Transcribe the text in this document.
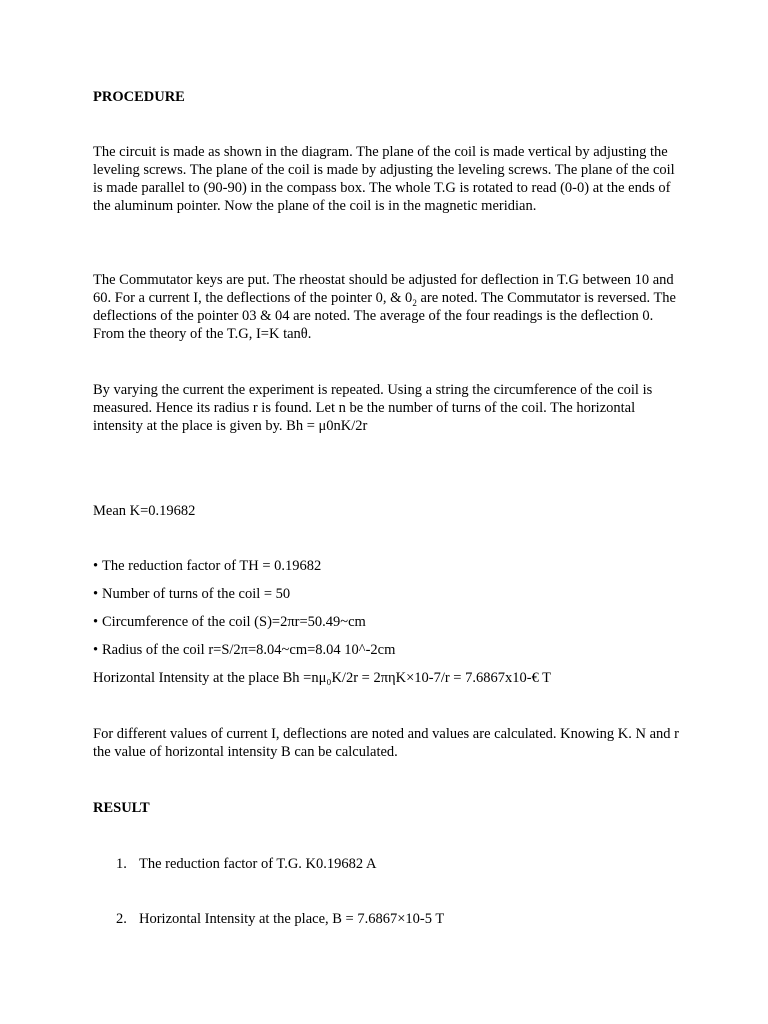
PROCEDURE

The circuit is made as shown in the diagram. The plane of the coil is made vertical by adjusting the leveling screws. The plane of the coil is made by adjusting the leveling screws. The plane of the coil is made parallel to (90-90) in the compass box. The whole T.G is rotated to read (0-0) at the ends of the aluminum pointer. Now the plane of the coil is in the magnetic meridian.

The Commutator keys are put. The rheostat should be adjusted for deflection in T.G between 10 and 60. For a current I, the deflections of the pointer 0, & $0_2$ are noted. The Commutator is reversed. The deflections of the pointer 03 & 04 are noted. The average of the four readings is the deflection 0. From the theory of the T.G, I=K tanθ.

By varying the current the experiment is repeated. Using a string the circumference of the coil is measured. Hence its radius r is found. Let n be the number of turns of the coil. The horizontal intensity at the place is given by. Bh = μ0nK/2r

Mean K=0.19682

• The reduction factor of TH = 0.19682

• Number of turns of the coil = 50

• Circumference of the coil (S)=2πr=50.49~cm

• Radius of the coil r=S/2π=8.04~cm=8.04 10^-2cm

Horizontal Intensity at the place Bh =nμ₀K/2r = 2πηK×10-7/r = 7.6867x10-€ T

For different values of current I, deflections are noted and values are calculated. Knowing K. N and r the value of horizontal intensity B can be calculated.

RESULT

1. The reduction factor of T.G. K0.19682 A

2. Horizontal Intensity at the place, B = 7.6867×10-5 T
